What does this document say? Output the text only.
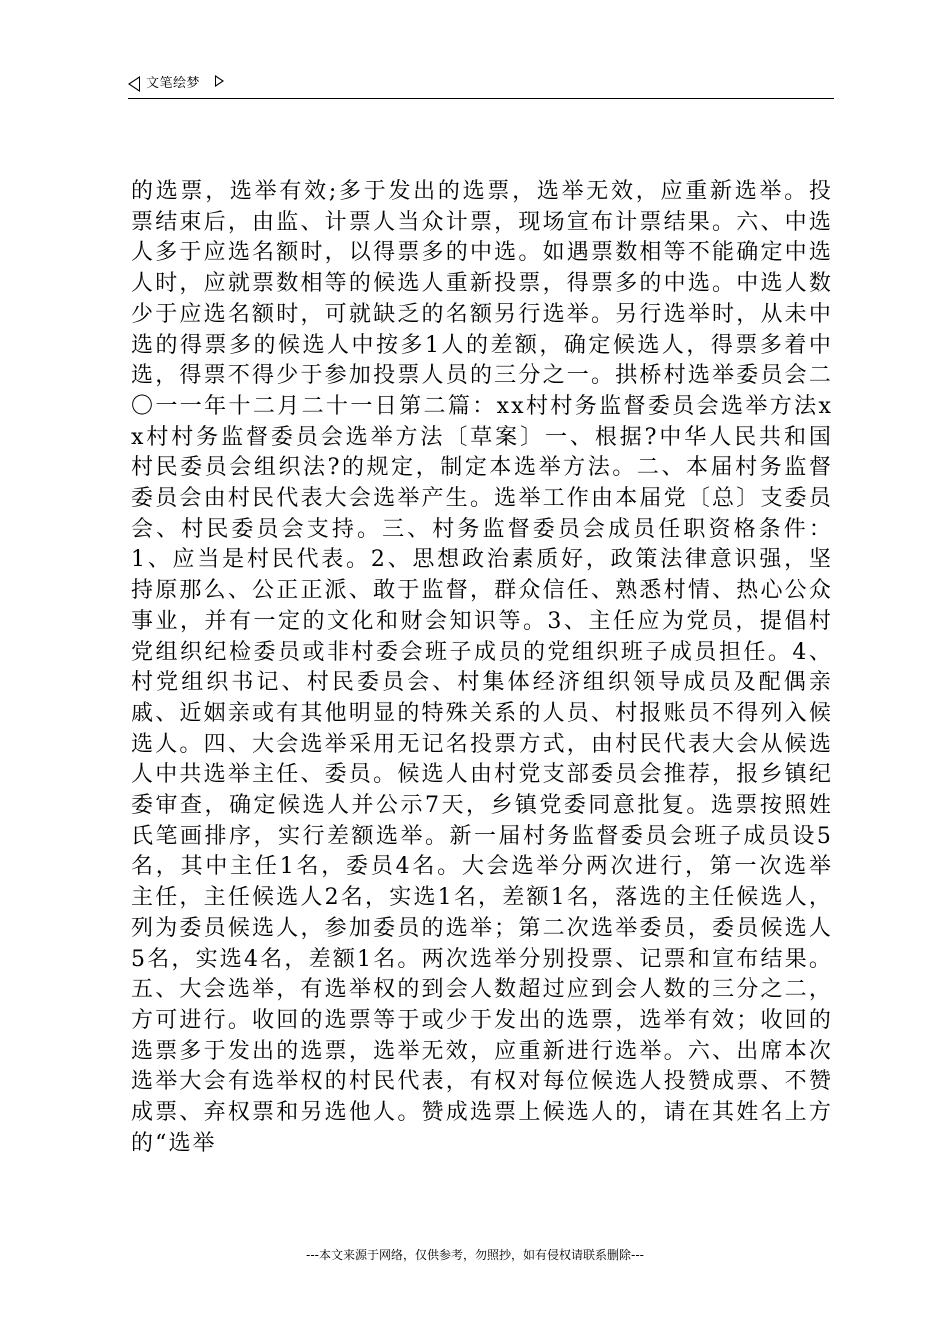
文笔绘梦
的选票，选举有效;多于发出的选票，选举无效，应重新选举。投票结束后，由监、计票人当众计票，现场宣布计票结果。六、中选人多于应选名额时，以得票多的中选。如遇票数相等不能确定中选人时，应就票数相等的候选人重新投票，得票多的中选。中选人数少于应选名额时，可就缺乏的名额另行选举。另行选举时，从未中选的得票多的候选人中按多1人的差额，确定候选人，得票多着中选，得票不得少于参加投票人员的三分之一。拱桥村选举委员会二〇一一年十二月二十一日第二篇：xx村村务监督委员会选举方法xx村村务监督委员会选举方法〔草案〕一、根据?中华人民共和国村民委员会组织法?的规定，制定本选举方法。二、本届村务监督委员会由村民代表大会选举产生。选举工作由本届党〔总〕支委员会、村民委员会支持。三、村务监督委员会成员任职资格条件：1、应当是村民代表。2、思想政治素质好，政策法律意识强，坚持原那么、公正正派、敢于监督，群众信任、熟悉村情、热心公众事业，并有一定的文化和财会知识等。3、主任应为党员，提倡村党组织纪检委员或非村委会班子成员的党组织班子成员担任。4、村党组织书记、村民委员会、村集体经济组织领导成员及配偶亲戚、近姻亲或有其他明显的特殊关系的人员、村报账员不得列入候选人。四、大会选举采用无记名投票方式，由村民代表大会从候选人中共选举主任、委员。候选人由村党支部委员会推荐，报乡镇纪委审查，确定候选人并公示7天，乡镇党委同意批复。选票按照姓氏笔画排序，实行差额选举。新一届村务监督委员会班子成员设5名，其中主任1名，委员4名。大会选举分两次进行，第一次选举主任，主任候选人2名，实选1名，差额1名，落选的主任候选人，列为委员候选人，参加委员的选举；第二次选举委员，委员候选人5名，实选4名，差额1名。两次选举分别投票、记票和宣布结果。五、大会选举，有选举权的到会人数超过应到会人数的三分之二，方可进行。收回的选票等于或少于发出的选票，选举有效；收回的选票多于发出的选票，选举无效，应重新进行选举。六、出席本次选举大会有选举权的村民代表，有权对每位候选人投赞成票、不赞成票、弃权票和另选他人。赞成选票上候选人的，请在其姓名上方的“选举
---本文来源于网络，仅供参考，勿照抄，如有侵权请联系删除---
